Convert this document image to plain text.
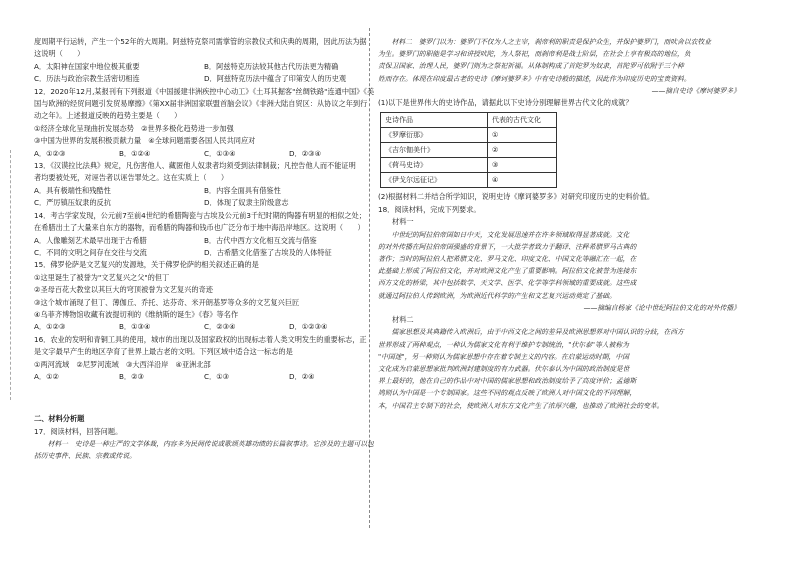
度周期平行运转，产生一个52年的大周期。阿兹特克祭司需掌管的宗教仪式和庆典的周期，因此历法为据
这说明（　　）
A．太阳神在国家中地位极其重要	B．阿兹特克历法较其他古代历法更为精确
C．历法与政治宗教生活密切相连	D．阿兹特克历法中蕴含了印第安人的历史观
12．2020年12月,某报刊有下列报道《中国援建非洲疾控中心动工》《土耳其掘客"丝绸铁路"连通中国》《美
国与欧洲的经贸问题引发贸易摩擦》《第XX届非洲国家联盟首脑会议》《非洲大陆自贸区：从协议之年到行
动之年》。上述报道反映的趋势主要是（　　）
①经济全球化呈现曲折发展态势　②世界多极化趋势进一步加强
③中国为世界的发展积极贡献力量　④全球问题需要各国人民共同应对
A．①②③	B．①②④	C．①③④	D．②③④
13．《汉谟拉比法典》规定，凡伤害他人、藏匿他人奴隶者均须受到法律制裁；凡控告他人而不能证明
者均要被处死，对诬告者以诬告罪处之。这在实质上（　　）
A．具有极端性和残酷性	B．内容全面具有借鉴性
C．严厉镇压奴隶的反抗	D．体现了奴隶主阶级意志
14．考古学家发现，公元前7至前4世纪的希腊陶瓷与古埃及公元前3千纪时期的陶器有明显的相似之处；
在希腊出土了大量来自东方的器物，而希腊的陶器和钱币也广泛分布于地中海沿岸地区。这说明（　　）
A．人像雕刻艺术最早出现于古希腊	B．古代中西方文化相互交流与借鉴
C．不同的文明之间存在交往与交流	D．古希腊文化借鉴了古埃及的人体特征
15．佛罗伦萨是文艺复兴的发源地，关于佛罗伦萨的相关叙述正确的是
①这里诞生了被誉为"文艺复兴之父"的但丁
②圣母百花大教堂以其巨大的穹顶被誉为文艺复兴的奇迹
③这个城市涌现了但丁、薄伽丘、乔托、达芬奇、米开朗基罗等众多的文艺复兴巨匠
④乌菲齐博物馆收藏有波提切利的《维纳斯的诞生》《春》等名作
A．①②③	B．①③④	C．②③④	D．①②③④
16．农业的发明和青铜工具的使用，城市的出现以及国家政权的出现标志着人类文明发生的重要标志，正
是文字最早产生的地区孕育了世界上最古老的文明。下列区域中适合这一标志的是
①两河流域　②尼罗河流域　③大西洋沿岸　④亚洲北部
A．①②	B．②③	C．①③	D．②④
二、材料分析题
17．阅读材料，回答问题。
　　材料一　史诗是一种庄严的文学体裁，内容多为民间传说或歌颂英雄功绩的长篇叙事诗。它涉及的主题可以包
括历史事件、民族、宗教或传说。
　　材料二　婆罗门以为：婆罗门不仅为人之主宰，刹帝利的职责是保护众生，并保护婆罗门，而吠舍以农牧业
为生。婆罗门的职能是学习和讲授吠陀，为人祭祀，而刹帝利是战士阶层，在社会上享有极高的地位，负
责保卫国家、治理人民，婆罗门则为之祭祀祈福。从体制构成了首陀罗为奴隶，首陀罗可依附于三个种
姓而存在。体现在印度最古老的史诗《摩诃婆罗多》中有史诗般的描述，因此作为印度历史的宝贵资料。
——摘自史诗《摩诃婆罗多》
(1)以下是世界伟大的史诗作品，请据此以下史诗分别理解世界古代文化的成就？
史诗作品	代表的古代文化
《罗摩衍那》	①
《吉尔伽美什》	②
《荷马史诗》	③
《伊戈尔远征记》	④
(2)根据材料二并结合所学知识，说明史诗《摩诃婆罗多》对研究印度历史的史料价值。
18．阅读材料，完成下列要求。
材料一
　　中世纪的阿拉伯帝国如日中天，文化发展迅速并在许多领域取得显著成就。文化
的对外传播在阿拉伯帝国强盛的背景下，一大批学者致力于翻译、注释希腊罗马古典的
著作；当时的阿拉伯人把希腊文化、罗马文化、印度文化、中国文化等融汇在一起，在
此基础上形成了阿拉伯文化，并对欧洲文化产生了重要影响。阿拉伯文化被誉为连接东
西方文化的桥梁，其中包括数学、天文学、医学、化学等学科领域的重要成就。这些成
就通过阿拉伯人传到欧洲，为欧洲近代科学的产生和文艺复兴运动奠定了基础。
——摘编自杨家《论中世纪阿拉伯文化的对外传播》
材料二
　　儒家思想及其典籍传入欧洲后，由于中西文化之间的差异及欧洲思想界对中国认识的分歧，在西方
世界形成了两种观点，一种认为儒家文化有利于维护专制统治，"伏尔泰"等人被称为
"中国迷"，另一种则认为儒家思想中存在着专制主义的内容。在启蒙运动时期，中国
文化成为启蒙思想家批判欧洲封建制度的有力武器。伏尔泰认为中国的政治制度是世
界上最好的，他在自己的作品中对中国的儒家思想和政治制度给予了高度评价；孟德斯
鸠则认为中国是一个专制国家。这些不同的观点反映了欧洲人对中国文化的不同理解，
本，中国君主专制下的社会，使欧洲人对东方文化产生了浓厚兴趣，也推动了欧洲社会的变革。
